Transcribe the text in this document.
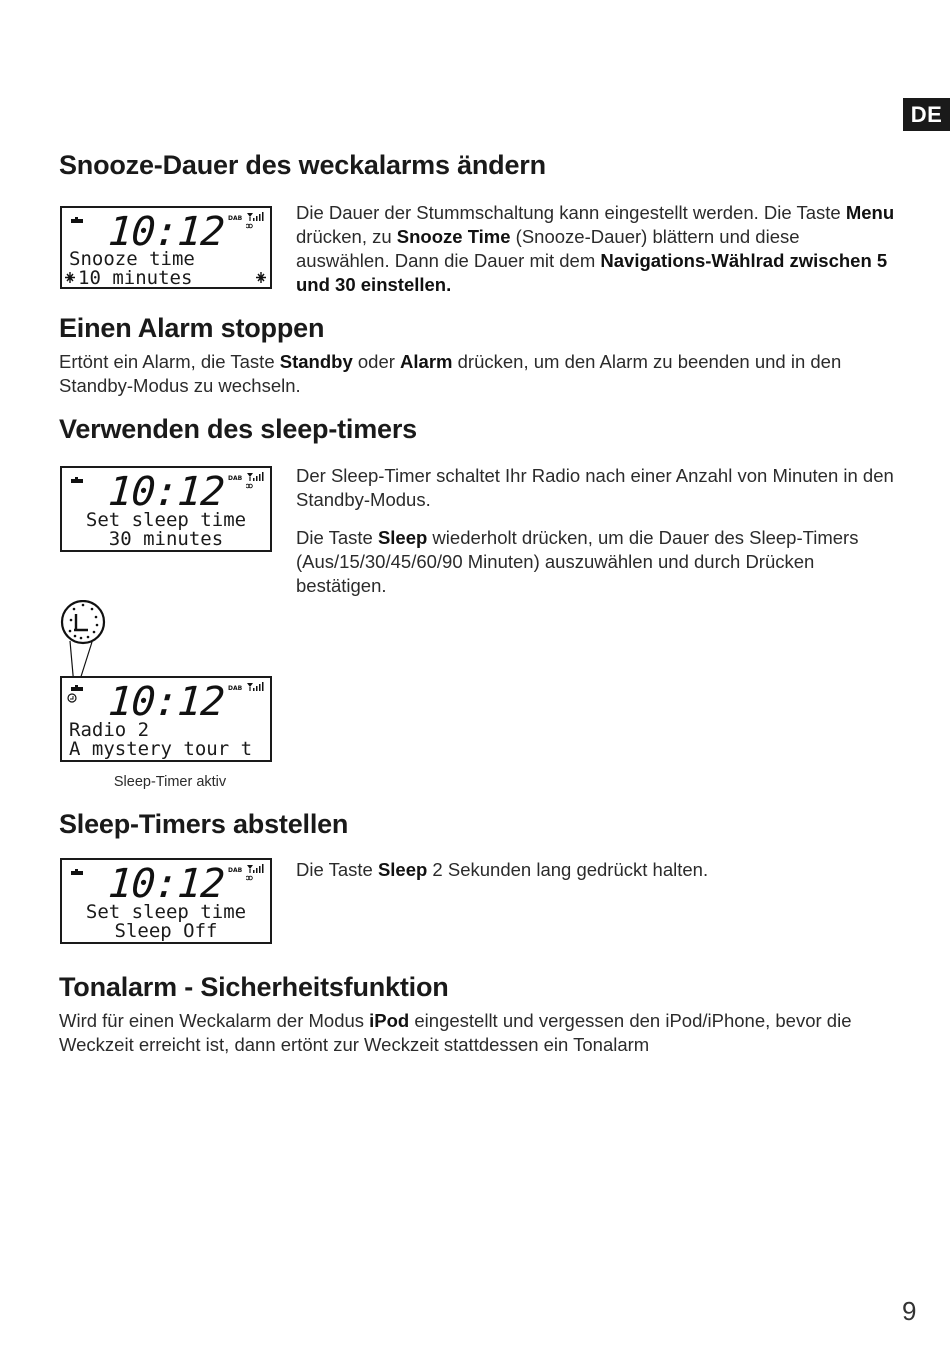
DE
Snooze-Dauer des weckalarms ändern
10:12 DAB
Snooze time
10 minutes

Die Dauer der Stummschaltung kann eingestellt werden. Die Taste Menu drücken, zu Snooze Time (Snooze-Dauer) blättern und diese auswählen. Dann die Dauer mit dem Navigations-Wählrad zwischen 5 und 30 einstellen.

Einen Alarm stoppen

Ertönt ein Alarm, die Taste Standby oder Alarm drücken, um den Alarm zu beenden und in den Standby-Modus zu wechseln.

Verwenden des sleep-timers
10:12 DAB
Set sleep time
30 minutes

Der Sleep-Timer schaltet Ihr Radio nach einer Anzahl von Minuten in den Standby-Modus.

Die Taste Sleep wiederholt drücken, um die Dauer des Sleep-Timers (Aus/15/30/45/60/90 Minuten) auszuwählen und durch Drücken bestätigen.

10:12 DAB
Radio 2
A mystery tour t
Sleep-Timer aktiv
Sleep-Timers abstellen
10:12 DAB
Set sleep time
Sleep Off

Die Taste Sleep 2 Sekunden lang gedrückt halten.

Tonalarm - Sicherheitsfunktion

Wird für einen Weckalarm der Modus iPod eingestellt und vergessen den iPod/iPhone, bevor die Weckzeit erreicht ist, dann ertönt zur Weckzeit stattdessen ein Tonalarm

9
